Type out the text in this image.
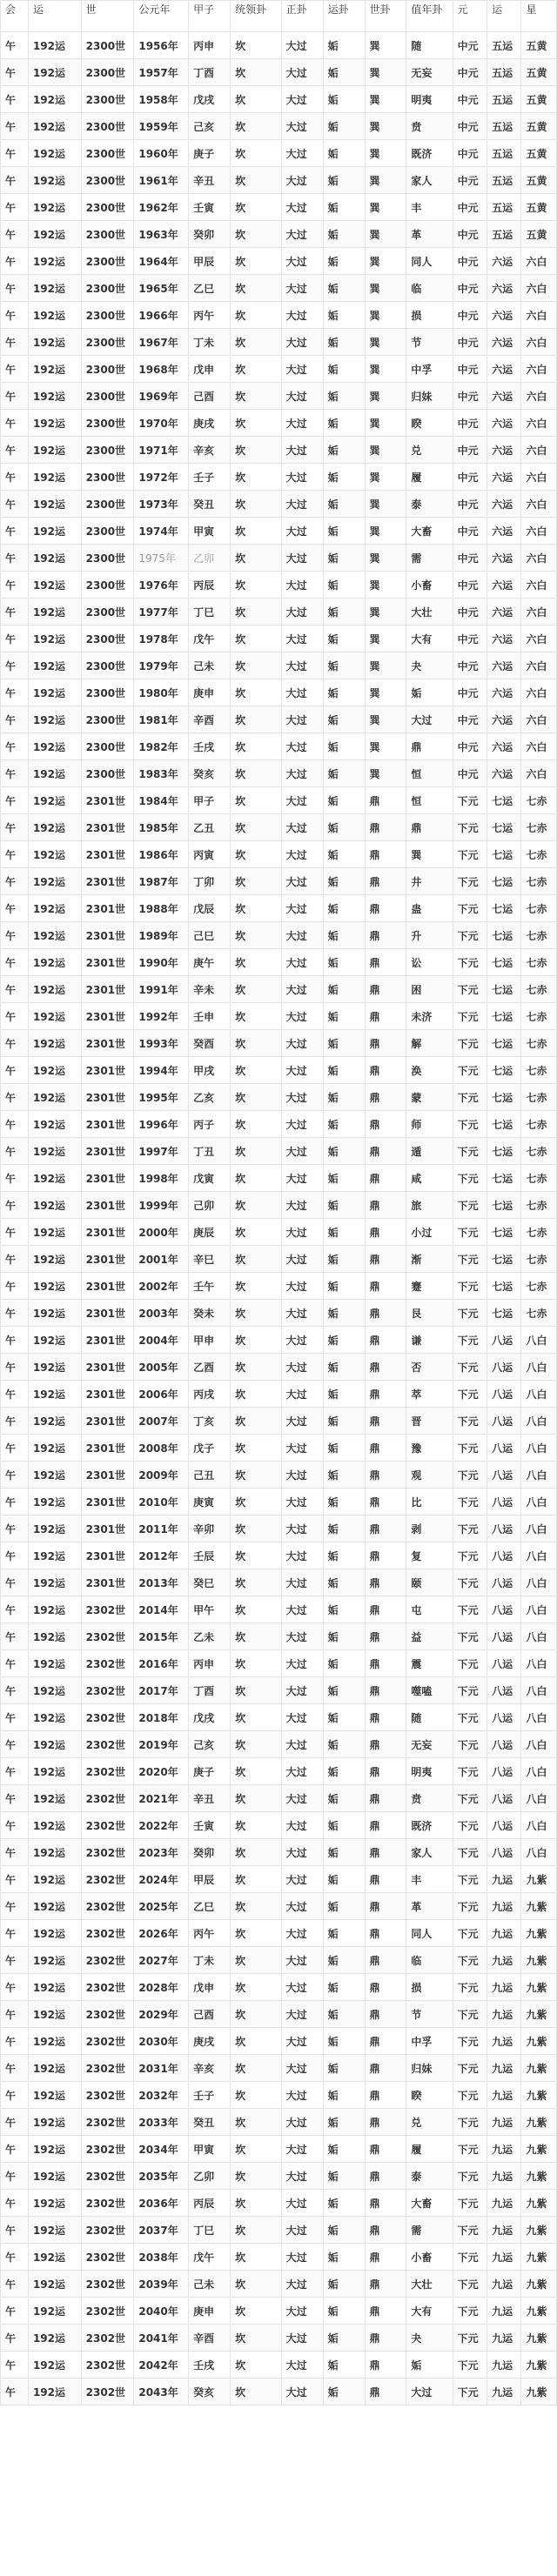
会	运	世	公元年	甲子	统领卦	正卦	运卦	世卦	值年卦	元	运	星
午	192运	2300世	1956年	丙申	坎	大过	姤	巽	随	中元	五运	五黄
午	192运	2300世	1957年	丁酉	坎	大过	姤	巽	无妄	中元	五运	五黄
午	192运	2300世	1958年	戊戌	坎	大过	姤	巽	明夷	中元	五运	五黄
午	192运	2300世	1959年	己亥	坎	大过	姤	巽	贲	中元	五运	五黄
午	192运	2300世	1960年	庚子	坎	大过	姤	巽	既济	中元	五运	五黄
午	192运	2300世	1961年	辛丑	坎	大过	姤	巽	家人	中元	五运	五黄
午	192运	2300世	1962年	壬寅	坎	大过	姤	巽	丰	中元	五运	五黄
午	192运	2300世	1963年	癸卯	坎	大过	姤	巽	革	中元	五运	五黄
午	192运	2300世	1964年	甲辰	坎	大过	姤	巽	同人	中元	六运	六白
午	192运	2300世	1965年	乙巳	坎	大过	姤	巽	临	中元	六运	六白
午	192运	2300世	1966年	丙午	坎	大过	姤	巽	损	中元	六运	六白
午	192运	2300世	1967年	丁未	坎	大过	姤	巽	节	中元	六运	六白
午	192运	2300世	1968年	戊申	坎	大过	姤	巽	中孚	中元	六运	六白
午	192运	2300世	1969年	己酉	坎	大过	姤	巽	归妹	中元	六运	六白
午	192运	2300世	1970年	庚戌	坎	大过	姤	巽	睽	中元	六运	六白
午	192运	2300世	1971年	辛亥	坎	大过	姤	巽	兑	中元	六运	六白
午	192运	2300世	1972年	壬子	坎	大过	姤	巽	履	中元	六运	六白
午	192运	2300世	1973年	癸丑	坎	大过	姤	巽	泰	中元	六运	六白
午	192运	2300世	1974年	甲寅	坎	大过	姤	巽	大畜	中元	六运	六白
午	192运	2300世	1975年	乙卯	坎	大过	姤	巽	需	中元	六运	六白
午	192运	2300世	1976年	丙辰	坎	大过	姤	巽	小畜	中元	六运	六白
午	192运	2300世	1977年	丁巳	坎	大过	姤	巽	大壮	中元	六运	六白
午	192运	2300世	1978年	戊午	坎	大过	姤	巽	大有	中元	六运	六白
午	192运	2300世	1979年	己未	坎	大过	姤	巽	夬	中元	六运	六白
午	192运	2300世	1980年	庚申	坎	大过	姤	巽	姤	中元	六运	六白
午	192运	2300世	1981年	辛酉	坎	大过	姤	巽	大过	中元	六运	六白
午	192运	2300世	1982年	壬戌	坎	大过	姤	巽	鼎	中元	六运	六白
午	192运	2300世	1983年	癸亥	坎	大过	姤	巽	恒	中元	六运	六白
午	192运	2301世	1984年	甲子	坎	大过	姤	鼎	恒	下元	七运	七赤
午	192运	2301世	1985年	乙丑	坎	大过	姤	鼎	鼎	下元	七运	七赤
午	192运	2301世	1986年	丙寅	坎	大过	姤	鼎	巽	下元	七运	七赤
午	192运	2301世	1987年	丁卯	坎	大过	姤	鼎	井	下元	七运	七赤
午	192运	2301世	1988年	戊辰	坎	大过	姤	鼎	蛊	下元	七运	七赤
午	192运	2301世	1989年	己巳	坎	大过	姤	鼎	升	下元	七运	七赤
午	192运	2301世	1990年	庚午	坎	大过	姤	鼎	讼	下元	七运	七赤
午	192运	2301世	1991年	辛未	坎	大过	姤	鼎	困	下元	七运	七赤
午	192运	2301世	1992年	壬申	坎	大过	姤	鼎	未济	下元	七运	七赤
午	192运	2301世	1993年	癸酉	坎	大过	姤	鼎	解	下元	七运	七赤
午	192运	2301世	1994年	甲戌	坎	大过	姤	鼎	涣	下元	七运	七赤
午	192运	2301世	1995年	乙亥	坎	大过	姤	鼎	蒙	下元	七运	七赤
午	192运	2301世	1996年	丙子	坎	大过	姤	鼎	师	下元	七运	七赤
午	192运	2301世	1997年	丁丑	坎	大过	姤	鼎	遁	下元	七运	七赤
午	192运	2301世	1998年	戊寅	坎	大过	姤	鼎	咸	下元	七运	七赤
午	192运	2301世	1999年	己卯	坎	大过	姤	鼎	旅	下元	七运	七赤
午	192运	2301世	2000年	庚辰	坎	大过	姤	鼎	小过	下元	七运	七赤
午	192运	2301世	2001年	辛巳	坎	大过	姤	鼎	渐	下元	七运	七赤
午	192运	2301世	2002年	壬午	坎	大过	姤	鼎	蹇	下元	七运	七赤
午	192运	2301世	2003年	癸未	坎	大过	姤	鼎	艮	下元	七运	七赤
午	192运	2301世	2004年	甲申	坎	大过	姤	鼎	谦	下元	八运	八白
午	192运	2301世	2005年	乙酉	坎	大过	姤	鼎	否	下元	八运	八白
午	192运	2301世	2006年	丙戌	坎	大过	姤	鼎	萃	下元	八运	八白
午	192运	2301世	2007年	丁亥	坎	大过	姤	鼎	晋	下元	八运	八白
午	192运	2301世	2008年	戊子	坎	大过	姤	鼎	豫	下元	八运	八白
午	192运	2301世	2009年	己丑	坎	大过	姤	鼎	观	下元	八运	八白
午	192运	2301世	2010年	庚寅	坎	大过	姤	鼎	比	下元	八运	八白
午	192运	2301世	2011年	辛卯	坎	大过	姤	鼎	剥	下元	八运	八白
午	192运	2301世	2012年	壬辰	坎	大过	姤	鼎	复	下元	八运	八白
午	192运	2301世	2013年	癸巳	坎	大过	姤	鼎	颐	下元	八运	八白
午	192运	2302世	2014年	甲午	坎	大过	姤	鼎	屯	下元	八运	八白
午	192运	2302世	2015年	乙未	坎	大过	姤	鼎	益	下元	八运	八白
午	192运	2302世	2016年	丙申	坎	大过	姤	鼎	震	下元	八运	八白
午	192运	2302世	2017年	丁酉	坎	大过	姤	鼎	噬嗑	下元	八运	八白
午	192运	2302世	2018年	戊戌	坎	大过	姤	鼎	随	下元	八运	八白
午	192运	2302世	2019年	己亥	坎	大过	姤	鼎	无妄	下元	八运	八白
午	192运	2302世	2020年	庚子	坎	大过	姤	鼎	明夷	下元	八运	八白
午	192运	2302世	2021年	辛丑	坎	大过	姤	鼎	贲	下元	八运	八白
午	192运	2302世	2022年	壬寅	坎	大过	姤	鼎	既济	下元	八运	八白
午	192运	2302世	2023年	癸卯	坎	大过	姤	鼎	家人	下元	八运	八白
午	192运	2302世	2024年	甲辰	坎	大过	姤	鼎	丰	下元	九运	九紫
午	192运	2302世	2025年	乙巳	坎	大过	姤	鼎	革	下元	九运	九紫
午	192运	2302世	2026年	丙午	坎	大过	姤	鼎	同人	下元	九运	九紫
午	192运	2302世	2027年	丁未	坎	大过	姤	鼎	临	下元	九运	九紫
午	192运	2302世	2028年	戊申	坎	大过	姤	鼎	损	下元	九运	九紫
午	192运	2302世	2029年	己酉	坎	大过	姤	鼎	节	下元	九运	九紫
午	192运	2302世	2030年	庚戌	坎	大过	姤	鼎	中孚	下元	九运	九紫
午	192运	2302世	2031年	辛亥	坎	大过	姤	鼎	归妹	下元	九运	九紫
午	192运	2302世	2032年	壬子	坎	大过	姤	鼎	睽	下元	九运	九紫
午	192运	2302世	2033年	癸丑	坎	大过	姤	鼎	兑	下元	九运	九紫
午	192运	2302世	2034年	甲寅	坎	大过	姤	鼎	履	下元	九运	九紫
午	192运	2302世	2035年	乙卯	坎	大过	姤	鼎	泰	下元	九运	九紫
午	192运	2302世	2036年	丙辰	坎	大过	姤	鼎	大畜	下元	九运	九紫
午	192运	2302世	2037年	丁巳	坎	大过	姤	鼎	需	下元	九运	九紫
午	192运	2302世	2038年	戊午	坎	大过	姤	鼎	小畜	下元	九运	九紫
午	192运	2302世	2039年	己未	坎	大过	姤	鼎	大壮	下元	九运	九紫
午	192运	2302世	2040年	庚申	坎	大过	姤	鼎	大有	下元	九运	九紫
午	192运	2302世	2041年	辛酉	坎	大过	姤	鼎	夬	下元	九运	九紫
午	192运	2302世	2042年	壬戌	坎	大过	姤	鼎	姤	下元	九运	九紫
午	192运	2302世	2043年	癸亥	坎	大过	姤	鼎	大过	下元	九运	九紫
